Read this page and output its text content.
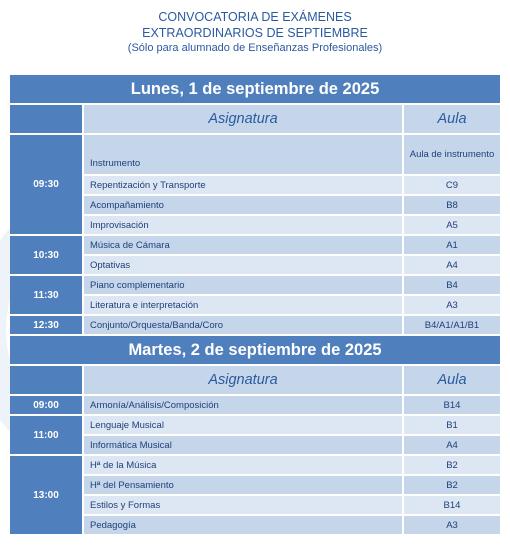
CONVOCATORIA DE EXÁMENES
EXTRAORDINARIOS DE SEPTIEMBRE
(Sólo para alumnado de Enseñanzas Profesionales)
Lunes, 1 de septiembre de 2025		
	Asignatura	Aula
09:30	Instrumento	Aula de instrumento
	Repentización y Transporte	C9
	Acompañamiento	B8
	Improvisación	A5
10:30	Música de Cámara	A1
	Optativas	A4
11:30	Piano complementario	B4
	Literatura e interpretación	A3
12:30	Conjunto/Orquesta/Banda/Coro	B4/A1/A1/B1
Martes, 2 de septiembre de 2025		
	Asignatura	Aula
09:00	Armonía/Análisis/Composición	B14
11:00	Lenguaje Musical	B1
	Informática Musical	A4
13:00	Hª de la Música	B2
	Hª del Pensamiento	B2
	Estilos y Formas	B14
	Pedagogía	A3
